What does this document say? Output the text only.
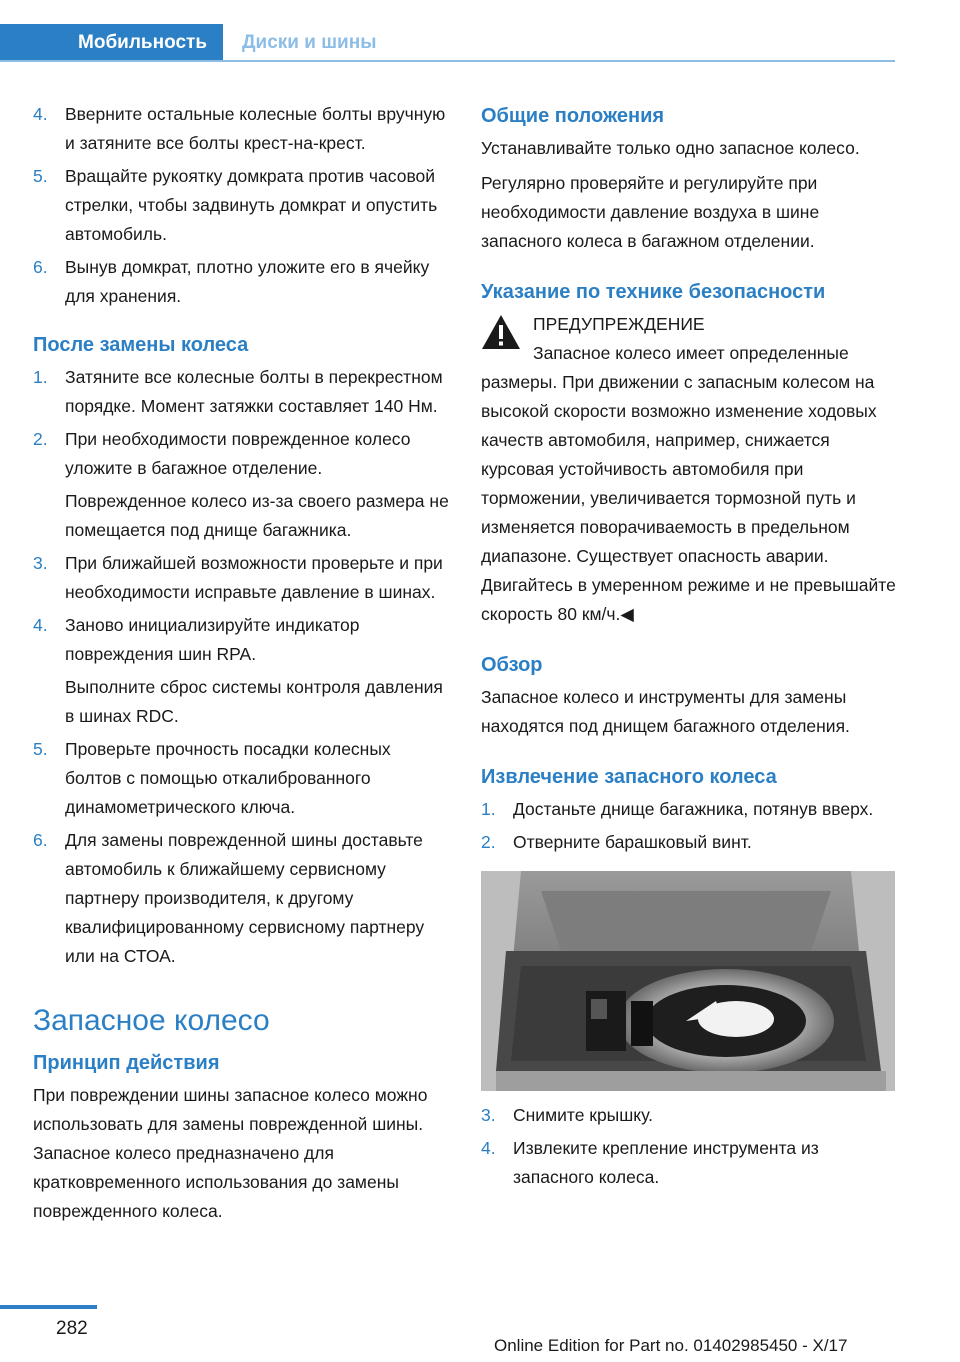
Мобильность	Диски и шины
4. Вверните остальные колесные болты вручную и затяните все болты крест-на-крест.
5. Вращайте рукоятку домкрата против часовой стрелки, чтобы задвинуть домкрат и опустить автомобиль.
6. Вынув домкрат, плотно уложите его в ячейку для хранения.
После замены колеса
1. Затяните все колесные болты в перекрестном порядке. Момент затяжки составляет 140 Нм.
2. При необходимости поврежденное колесо уложите в багажное отделение.
Поврежденное колесо из-за своего размера не помещается под днище багажника.
3. При ближайшей возможности проверьте и при необходимости исправьте давление в шинах.
4. Заново инициализируйте индикатор повреждения шин RPA.
Выполните сброс системы контроля давления в шинах RDC.
5. Проверьте прочность посадки колесных болтов с помощью откалиброванного динамометрического ключа.
6. Для замены поврежденной шины доставьте автомобиль к ближайшему сервисному партнеру производителя, к другому квалифицированному сервисному партнеру или на СТОА.
Запасное колесо
Принцип действия

При повреждении шины запасное колесо можно использовать для замены поврежденной шины. Запасное колесо предназначено для кратковременного использования до замены поврежденного колеса.

Общие положения

Устанавливайте только одно запасное колесо.

Регулярно проверяйте и регулируйте при необходимости давление воздуха в шине запасного колеса в багажном отделении.

Указание по технике безопасности
ПРЕДУПРЕЖДЕНИЕ
Запасное колесо имеет определенные

размеры. При движении с запасным колесом на высокой скорости возможно изменение ходовых качеств автомобиля, например, снижается курсовая устойчивость автомобиля при торможении, увеличивается тормозной путь и изменяется поворачиваемость в предельном диапазоне. Существует опасность аварии. Двигайтесь в умеренном режиме и не превышайте скорость 80 км/ч.◀

Обзор

Запасное колесо и инструменты для замены находятся под днищем багажного отделения.

Извлечение запасного колеса
1. Достаньте днище багажника, потянув вверх.
2. Отверните барашковый винт.
3. Снимите крышку.
4. Извлеките крепление инструмента из запасного колеса.
282
Online Edition for Part no. 01402985450 - X/17
